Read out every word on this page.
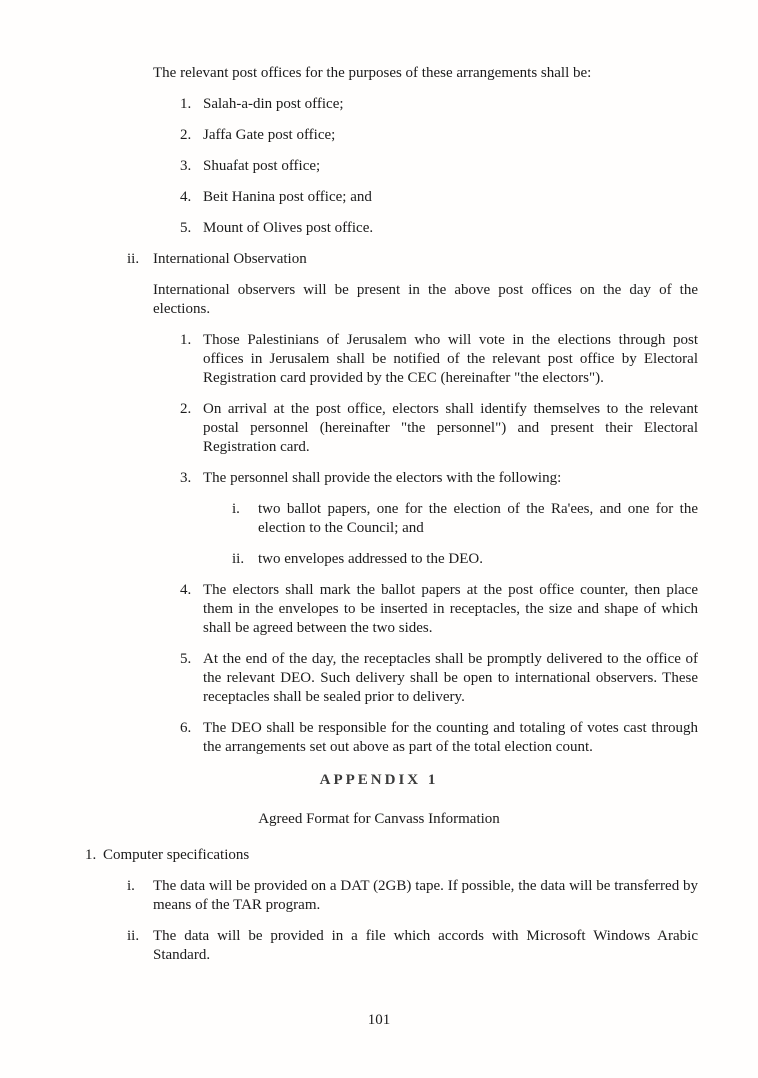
The relevant post offices for the purposes of these arrangements shall be:

1. Salah-a-din post office;
2. Jaffa Gate post office;
3. Shuafat post office;
4. Beit Hanina post office; and
5. Mount of Olives post office.
ii. International Observation

International observers will be present in the above post offices on the day of the elections.

1. Those Palestinians of Jerusalem who will vote in the elections through post offices in Jerusalem shall be notified of the relevant post office by Electoral Registration card provided by the CEC (hereinafter "the electors").
2. On arrival at the post office, electors shall identify themselves to the relevant postal personnel (hereinafter "the personnel") and present their Electoral Registration card.
3. The personnel shall provide the electors with the following:
i.	two ballot papers, one for the election of the Ra'ees, and one for the election to the Council; and
ii. two envelopes addressed to the DEO.
4. The electors shall mark the ballot papers at the post office counter, then place them in the envelopes to be inserted in receptacles, the size and shape of which shall be agreed between the two sides.
5. At the end of the day, the receptacles shall be promptly delivered to the office of the relevant DEO. Such delivery shall be open to international observers. These receptacles shall be sealed prior to delivery.
6. The DEO shall be responsible for the counting and totaling of votes cast through the arrangements set out above as part of the total election count.
APPENDIX 1

Agreed Format for Canvass Information

1. Computer specifications
i.	The data will be provided on a DAT (2GB) tape. If possible, the data will be transferred by means of the TAR program.
ii. The data will be provided in a file which accords with Microsoft Windows Arabic Standard.
101
